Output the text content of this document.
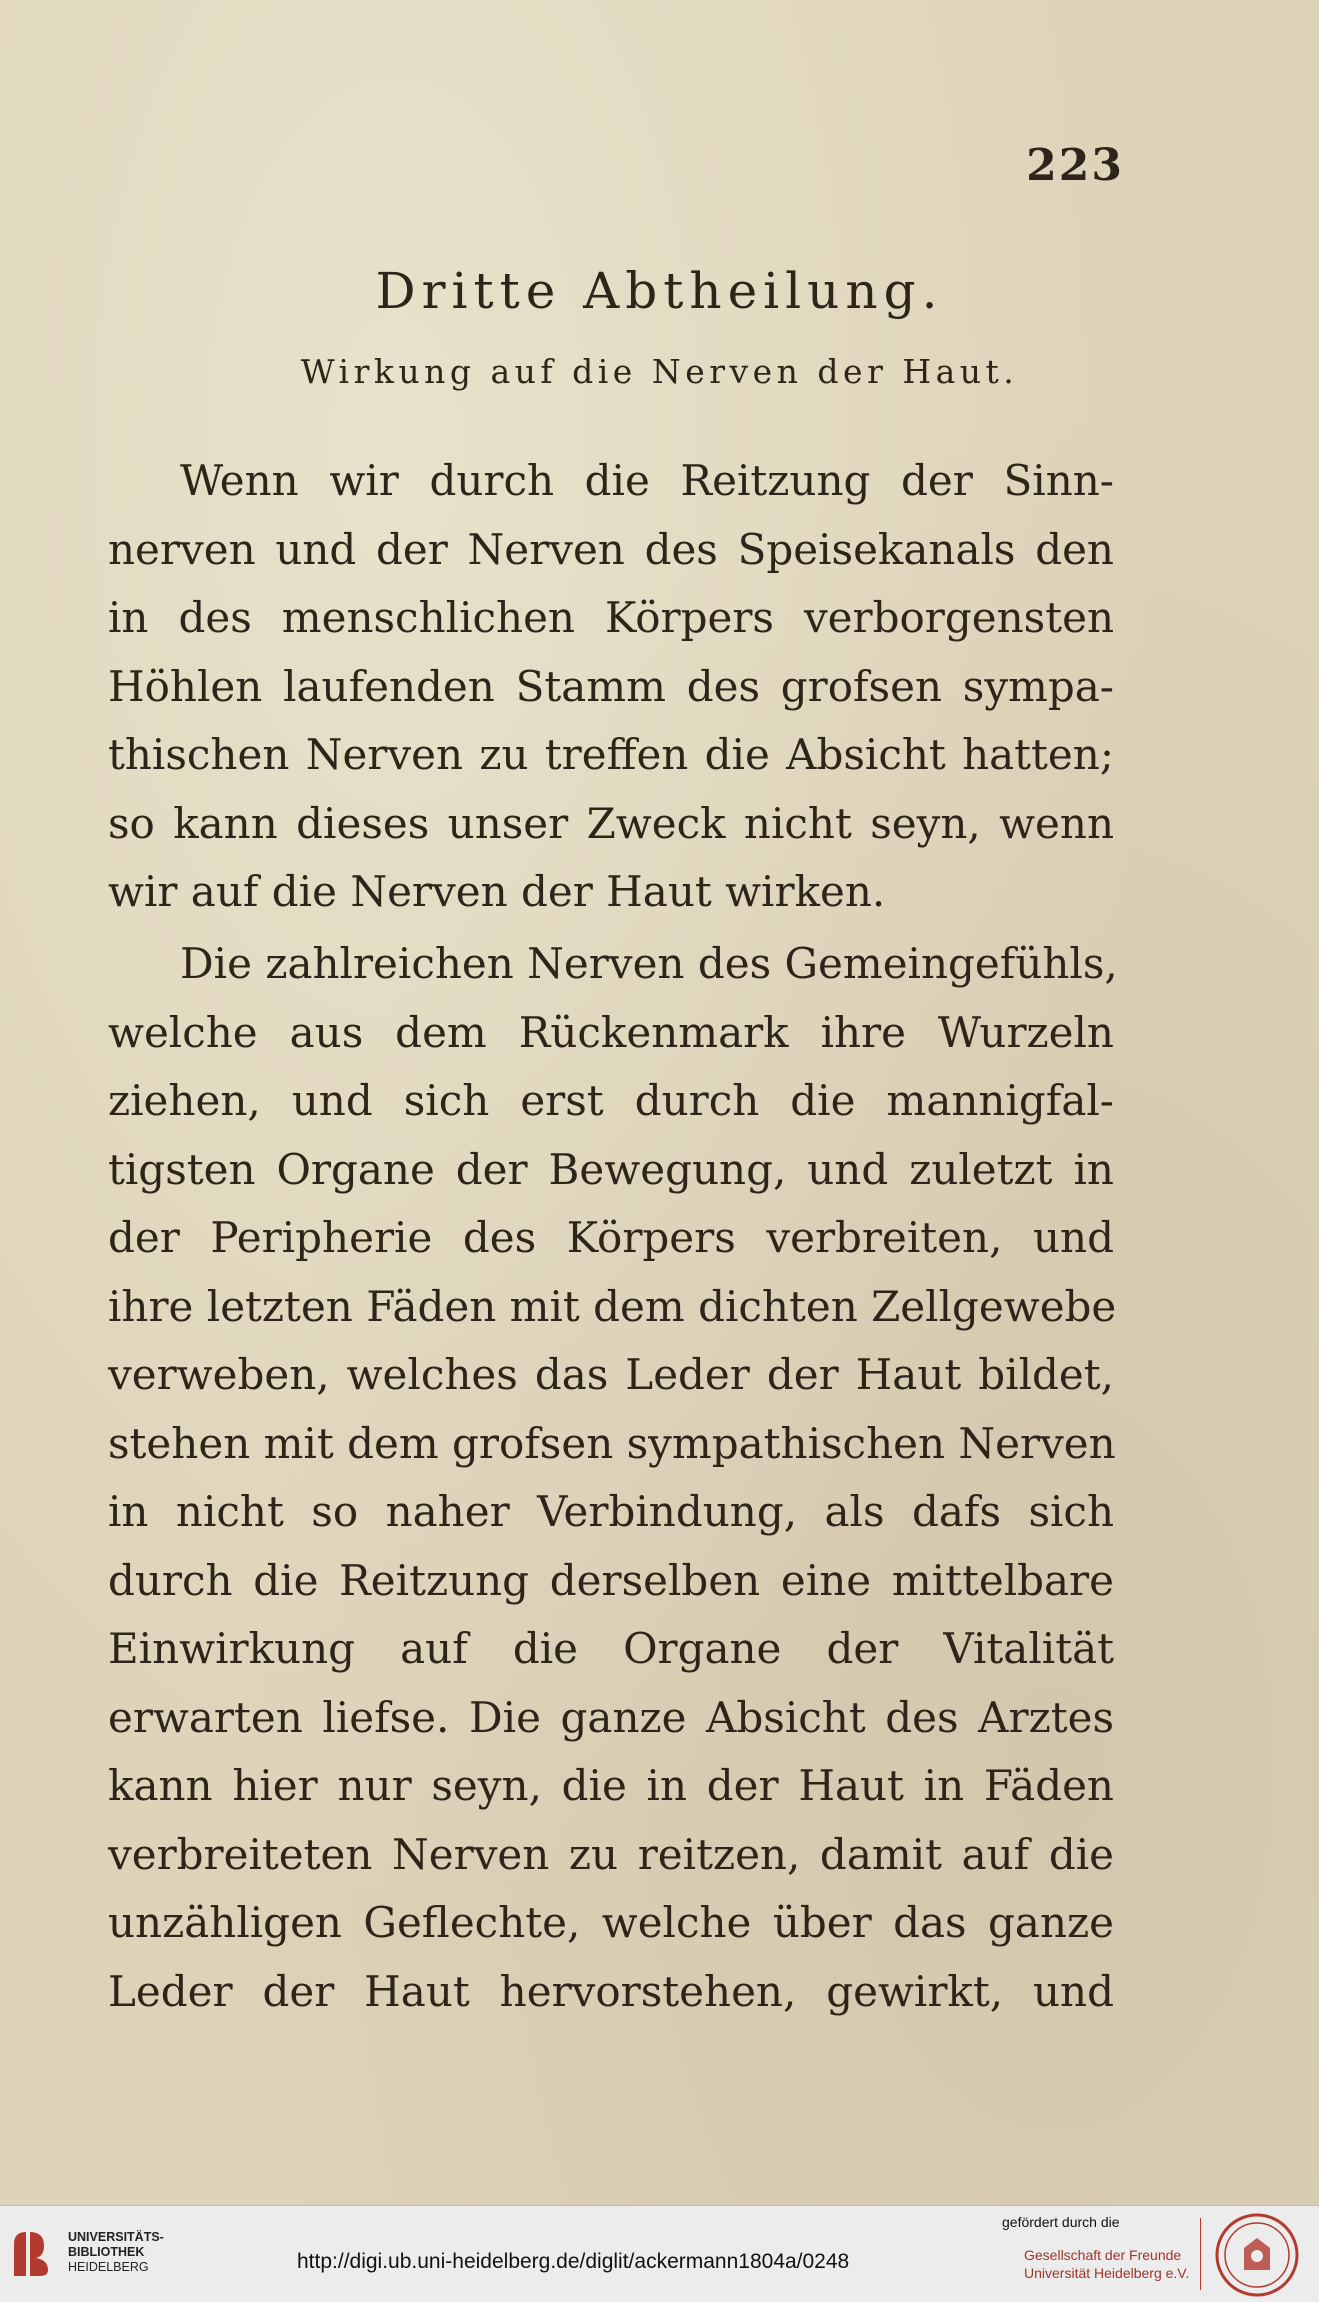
223
Dritte Abtheilung.
Wirkung auf die Nerven der Haut.
Wenn wir durch die Reitzung der Sinn-
nerven und der Nerven des Speisekanals den
in des menschlichen Körpers verborgensten
Höhlen laufenden Stamm des grofsen sympa-
thischen Nerven zu treffen die Absicht hatten;
so kann dieses unser Zweck nicht seyn, wenn
wir auf die Nerven der Haut wirken.
Die zahlreichen Nerven des Gemeingefühls,
welche aus dem Rückenmark ihre Wurzeln
ziehen, und sich erst durch die mannigfal-
tigsten Organe der Bewegung, und zuletzt in
der Peripherie des Körpers verbreiten, und
ihre letzten Fäden mit dem dichten Zellgewebe
verweben, welches das Leder der Haut bildet,
stehen mit dem grofsen sympathischen Nerven
in nicht so naher Verbindung, als dafs sich
durch die Reitzung derselben eine mittelbare
Einwirkung auf die Organe der Vitalität
erwarten liefse. Die ganze Absicht des Arztes
kann hier nur seyn, die in der Haut in Fäden
verbreiteten Nerven zu reitzen, damit auf die
unzähligen Geflechte, welche über das ganze
Leder der Haut hervorstehen, gewirkt, und
UNIVERSITÄTS-
BIBLIOTHEK
HEIDELBERG	http://digi.ub.uni-heidelberg.de/diglit/ackermann1804a/0248
gefördert durch die
Gesellschaft der Freunde
Universität Heidelberg e.V.
